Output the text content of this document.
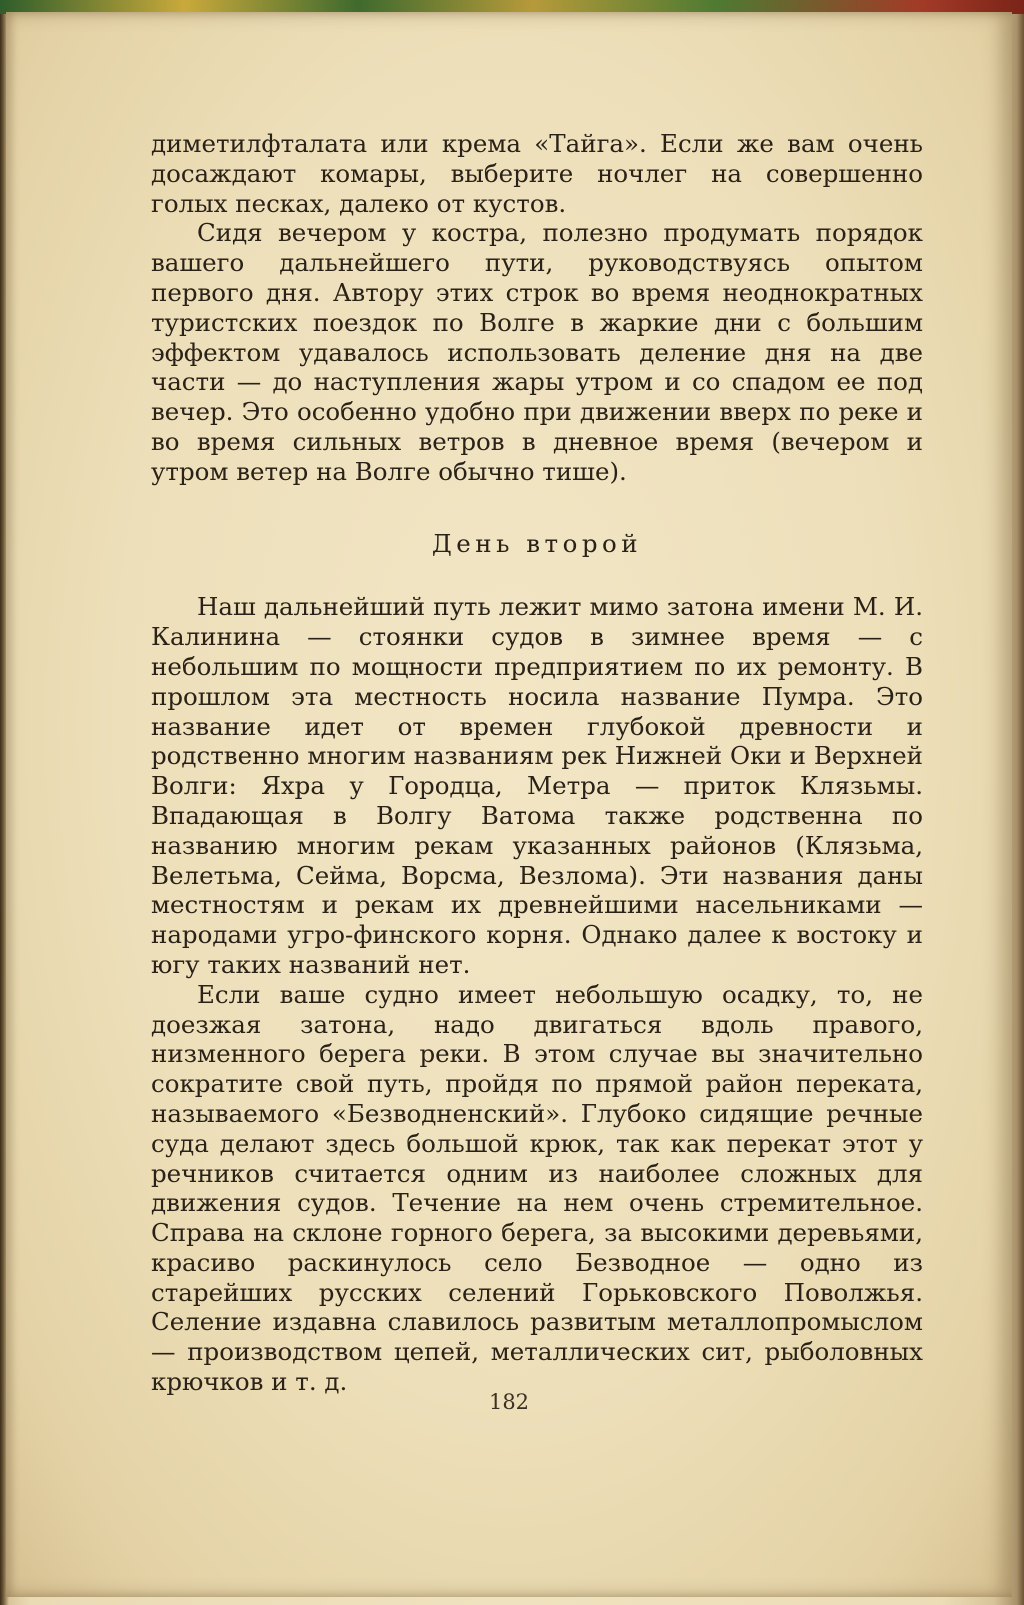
диметилфталата или крема «Тайга». Если же вам очень досаждают комары, выберите ночлег на совершенно голых песках, далеко от кустов.

Сидя вечером у костра, полезно продумать порядок вашего дальнейшего пути, руководствуясь опытом первого дня. Автору этих строк во время неоднократных туристских поездок по Волге в жаркие дни с большим эффектом удавалось использовать деление дня на две части — до наступления жары утром и со спадом ее под вечер. Это особенно удобно при движении вверх по реке и во время сильных ветров в дневное время (вечером и утром ветер на Волге обычно тише).

День второй

Наш дальнейший путь лежит мимо затона имени М. И. Калинина — стоянки судов в зимнее время — с небольшим по мощности предприятием по их ремонту. В прошлом эта местность носила название Пумра. Это название идет от времен глубокой древности и родственно многим названиям рек Нижней Оки и Верхней Волги: Яхра у Городца, Метра — приток Клязьмы. Впадающая в Волгу Ватома также родственна по названию многим рекам указанных районов (Клязьма, Велетьма, Сейма, Ворсма, Везлома). Эти названия даны местностям и рекам их древнейшими насельниками — народами угро-финского корня. Однако далее к востоку и югу таких названий нет.

Если ваше судно имеет небольшую осадку, то, не доезжая затона, надо двигаться вдоль правого, низменного берега реки. В этом случае вы значительно сократите свой путь, пройдя по прямой район переката, называемого «Безводненский». Глубоко сидящие речные суда делают здесь большой крюк, так как перекат этот у речников считается одним из наиболее сложных для движения судов. Течение на нем очень стремительное. Справа на склоне горного берега, за высокими деревьями, красиво раскинулось село Безводное — одно из старейших русских селений Горьковского Поволжья. Селение издавна славилось развитым металлопромыслом — производством цепей, металлических сит, рыболовных крючков и т. д.

182
